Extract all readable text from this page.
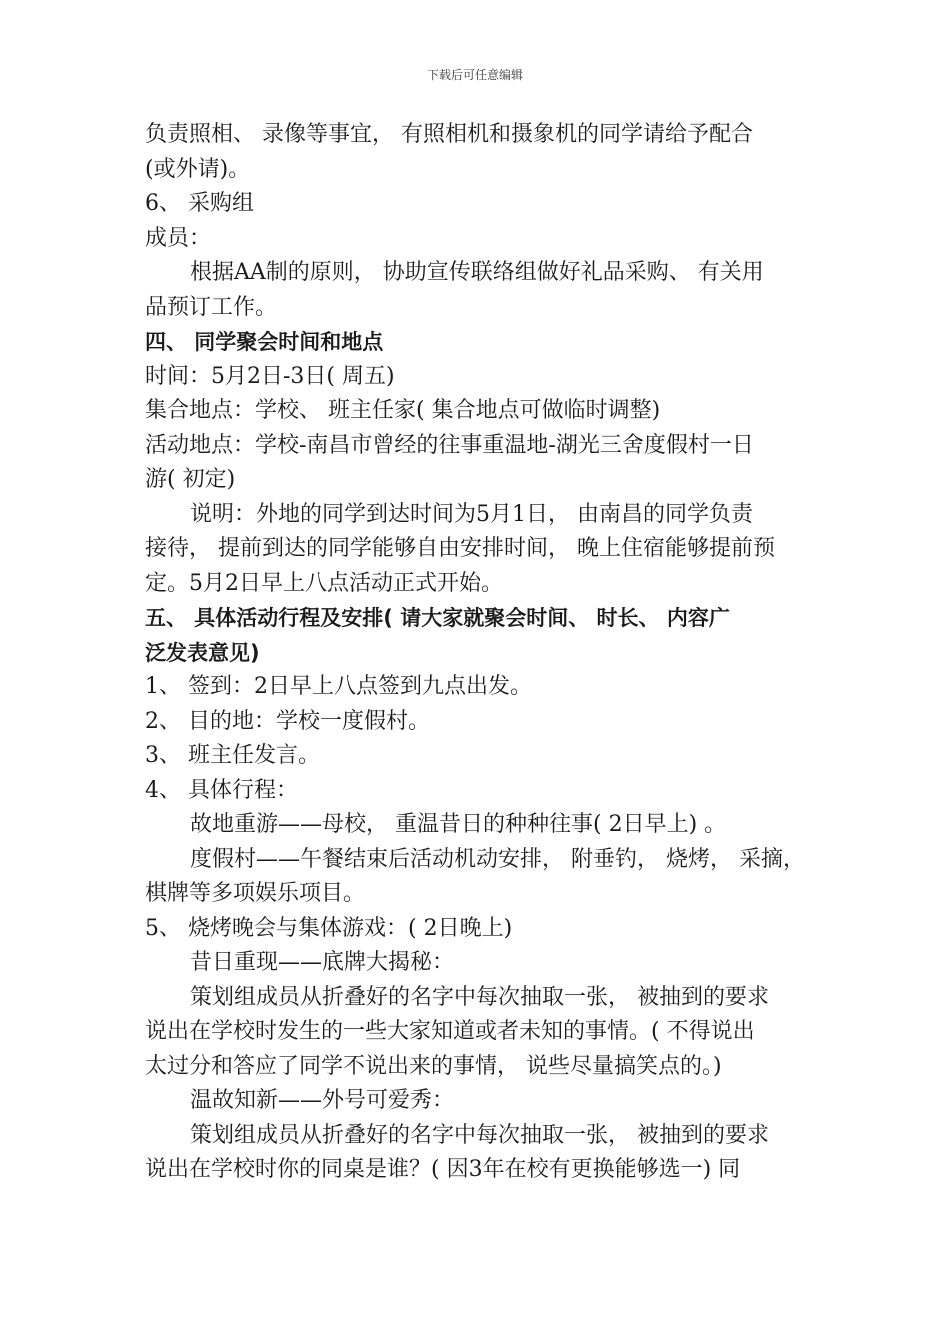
下载后可任意编辑
负责照相、 录像等事宜， 有照相机和摄象机的同学请给予配合
(或外请)。
6、 采购组
成员：
根据AA制的原则， 协助宣传联络组做好礼品采购、 有关用
品预订工作。
四、 同学聚会时间和地点
时间：5月2日-3日( 周五)
集合地点：学校、 班主任家( 集合地点可做临时调整)
活动地点：学校-南昌市曾经的往事重温地-湖光三舍度假村一日
游( 初定)
说明：外地的同学到达时间为5月1日， 由南昌的同学负责
接待， 提前到达的同学能够自由安排时间， 晚上住宿能够提前预
定。5月2日早上八点活动正式开始。
五、 具体活动行程及安排( 请大家就聚会时间、 时长、 内容广
泛发表意见)
1、 签到：2日早上八点签到九点出发。
2、 目的地：学校一度假村。
3、 班主任发言。
4、 具体行程：
故地重游——母校， 重温昔日的种种往事( 2日早上) 。
度假村——午餐结束后活动机动安排， 附垂钓， 烧烤， 采摘，
棋牌等多项娱乐项目。
5、 烧烤晚会与集体游戏：( 2日晚上)
昔日重现——底牌大揭秘：
策划组成员从折叠好的名字中每次抽取一张， 被抽到的要求
说出在学校时发生的一些大家知道或者未知的事情。( 不得说出
太过分和答应了同学不说出来的事情， 说些尽量搞笑点的。)
温故知新——外号可爱秀：
策划组成员从折叠好的名字中每次抽取一张， 被抽到的要求
说出在学校时你的同桌是谁？( 因3年在校有更换能够选一) 同
